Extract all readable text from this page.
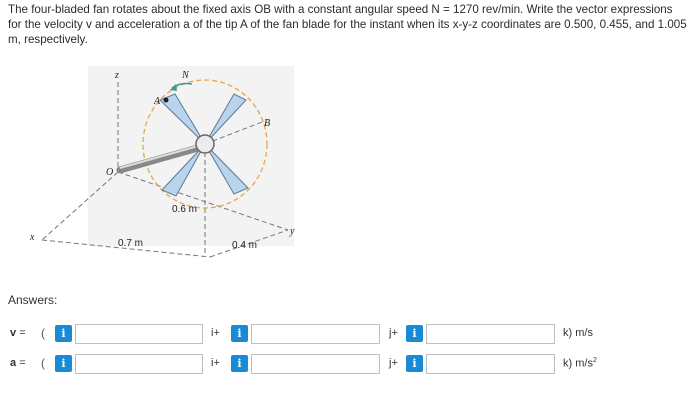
The four-bladed fan rotates about the fixed axis OB with a constant angular speed N = 1270 rev/min. Write the vector expressions
for the velocity v and acceleration a of the tip A of the fan blade for the instant when its x-y-z coordinates are 0.500, 0.455, and 1.005
m, respectively.
N
A
B
O
x
y
z
0.6 m
0.7 m	0.4 m
Answers:
v = (	i	i+	i	j+	i	k) m/s
a = (	i	i+	i	j+	i	k) $m/s^2$
